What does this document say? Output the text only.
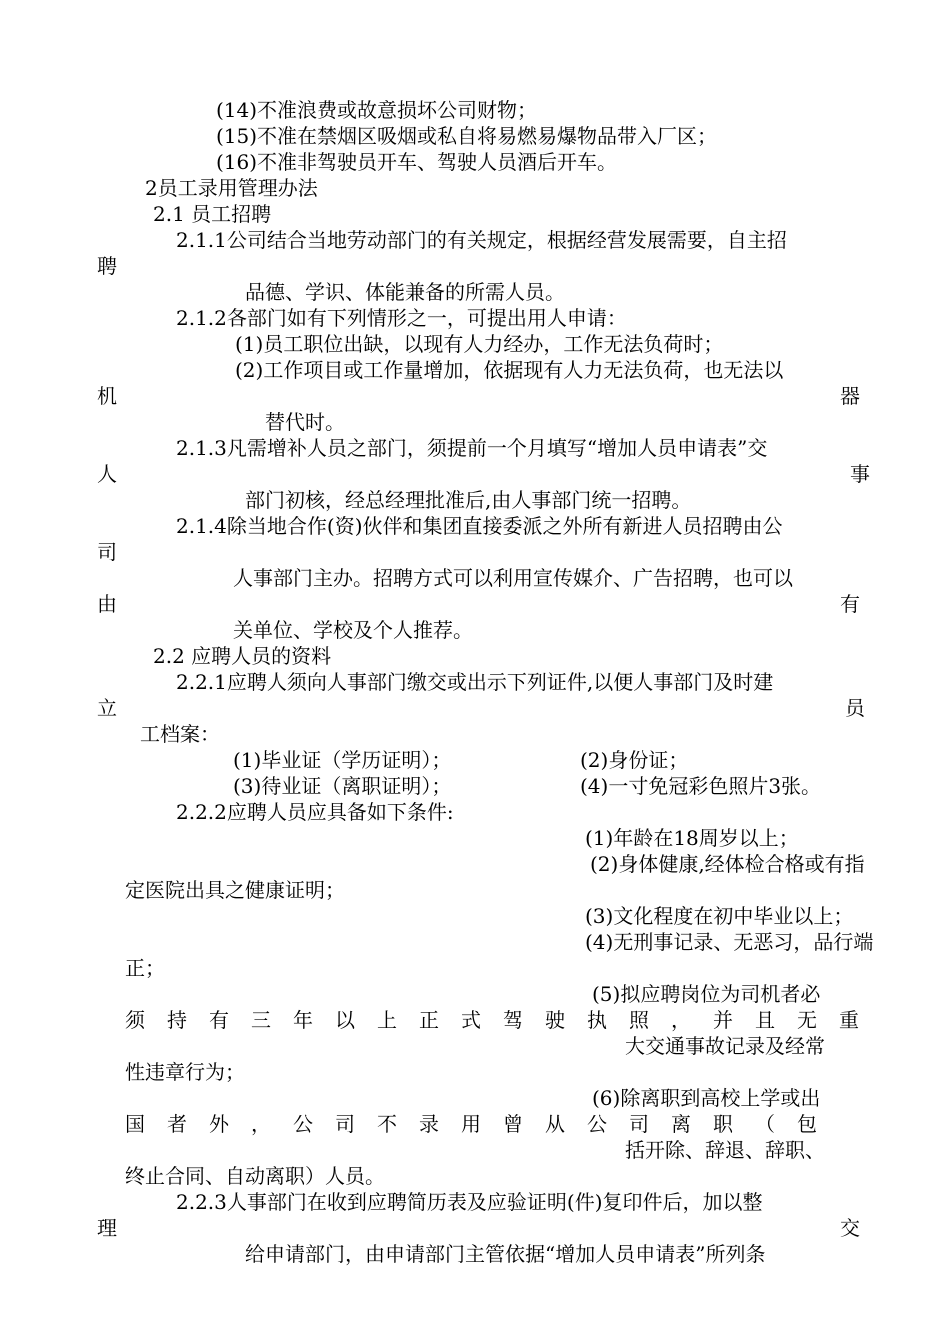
(14)不准浪费或故意损坏公司财物；
(15)不准在禁烟区吸烟或私自将易燃易爆物品带入厂区；
(16)不准非驾驶员开车、驾驶人员酒后开车。
2员工录用管理办法
2.1 员工招聘
2.1.1公司结合当地劳动部门的有关规定，根据经营发展需要，自主招
聘
品德、学识、体能兼备的所需人员。
2.1.2各部门如有下列情形之一，可提出用人申请：
(1)员工职位出缺，以现有人力经办，工作无法负荷时；
(2)工作项目或工作量增加，依据现有人力无法负荷，也无法以
机	器
替代时。
2.1.3凡需增补人员之部门，须提前一个月填写“增加人员申请表”交
人	事
部门初核，经总经理批准后,由人事部门统一招聘。
2.1.4除当地合作(资)伙伴和集团直接委派之外所有新进人员招聘由公
司
人事部门主办。招聘方式可以利用宣传媒介、广告招聘，也可以
由	有
关单位、学校及个人推荐。
2.2 应聘人员的资料
2.2.1应聘人须向人事部门缴交或出示下列证件,以便人事部门及时建
员
立
工档案：
(1)毕业证（学历证明）；	(2)身份证；
(3)待业证（离职证明）；	(4)一寸免冠彩色照片3张。
2.2.2应聘人员应具备如下条件:
(1)年龄在18周岁以上；
(2)身体健康,经体检合格或有指
定医院出具之健康证明；
(3)文化程度在初中毕业以上；
(4)无刑事记录、无恶习，品行端
正；
(5)拟应聘岗位为司机者必
须持有三年以上正式驾驶执照，并且无重
大交通事故记录及经常
性违章行为；
(6)除离职到高校上学或出
国者外，公司不录用曾从公司离职（包
括开除、辞退、辞职、
终止合同、自动离职）人员。
2.2.3人事部门在收到应聘简历表及应验证明(件)复印件后，加以整
理	交
给申请部门，由申请部门主管依据“增加人员申请表”所列条
